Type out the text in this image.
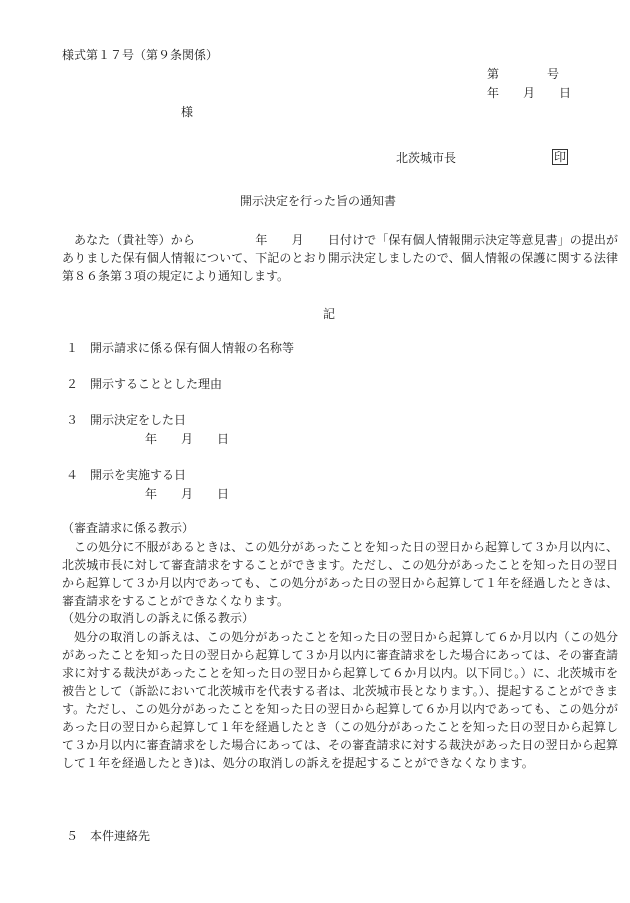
様式第１７号（第９条関係）
第　　　　号
年　　月　　日
様
北茨城市長	印
開示決定を行った旨の通知書
あなた（貴社等）から　　　　　年　　月　　日付けで「保有個人情報開示決定等意見書」の提出がありました保有個人情報について、下記のとおり開示決定しましたので、個人情報の保護に関する法律第８６条第３項の規定により通知します。
記
１ 開示請求に係る保有個人情報の名称等
２ 開示することとした理由
３ 開示決定をした日
年　　月　　日
４ 開示を実施する日
年　　月　　日
（審査請求に係る教示）
この処分に不服があるときは、この処分があったことを知った日の翌日から起算して３か月以内に、北茨城市長に対して審査請求をすることができます。ただし、この処分があったことを知った日の翌日から起算して３か月以内であっても、この処分があった日の翌日から起算して１年を経過したときは、審査請求をすることができなくなります。
（処分の取消しの訴えに係る教示）
処分の取消しの訴えは、この処分があったことを知った日の翌日から起算して６か月以内（この処分があったことを知った日の翌日から起算して３か月以内に審査請求をした場合にあっては、その審査請求に対する裁決があったことを知った日の翌日から起算して６か月以内。以下同じ。）に、北茨城市を被告として（訴訟において北茨城市を代表する者は、北茨城市長となります。）、提起することができます。ただし、この処分があったことを知った日の翌日から起算して６か月以内であっても、この処分があった日の翌日から起算して１年を経過したとき（この処分があったことを知った日の翌日から起算して３か月以内に審査請求をした場合にあっては、その審査請求に対する裁決があった日の翌日から起算して１年を経過したとき)は、処分の取消しの訴えを提起することができなくなります。
５ 本件連絡先
